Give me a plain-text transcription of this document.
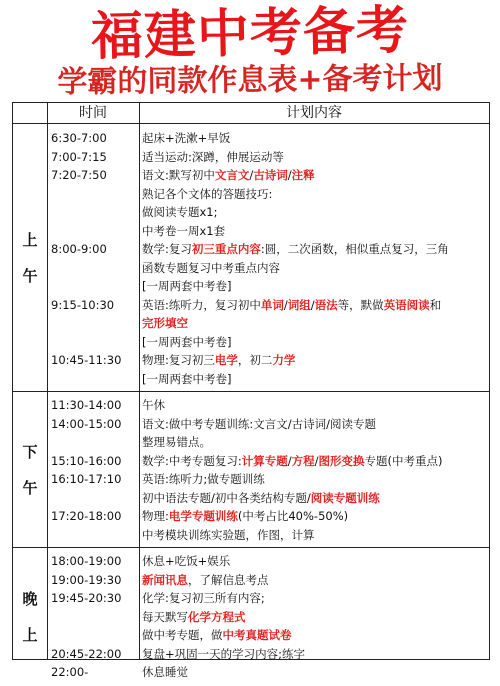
福建中考备考
学霸的同款作息表+备考计划
时间	计划内容
上
午
6:30-7:00	起床+洗漱+早饭
7:00-7:15	适当运动:深蹲，伸展运动等
7:20-7:50	语文:默写初中文言文/古诗词/注释
熟记各个文体的答题技巧:
做阅读专题x1;
中考卷一周x1套
8:00-9:00	数学:复习初三重点内容:圆，二次函数，相似重点复习，三角
函数专题复习中考重点内容
[一周两套中考卷]
9:15-10:30	英语:练听力，复习初中单词/词组/语法等，默做英语阅读和
完形填空
[一周两套中考卷]
10:45-11:30	物理:复习初三电学，初二力学
[一周两套中考卷]
下
午
11:30-14:00	午休
14:00-15:00	语文:做中考专题训练:文言文/古诗词/阅读专题
整理易错点。
15:10-16:00	数学:中考专题复习:计算专题/方程/图形变换专题(中考重点)
16:10-17:10	英语:练听力;做专题训练
初中语法专题/初中各类结构专题/阅读专题训练
17:20-18:00	物理:电学专题训练(中考占比40%-50%)
中考模块训练实验题，作图，计算
晚
上
18:00-19:00	休息+吃饭+娱乐
19:00-19:30	新闻讯息，了解信息考点
19:45-20:30	化学:复习初三所有内容;
每天默写化学方程式
做中考专题，做中考真题试卷
20:45-22:00	复盘+巩固一天的学习内容;练字
22:00-	休息睡觉
